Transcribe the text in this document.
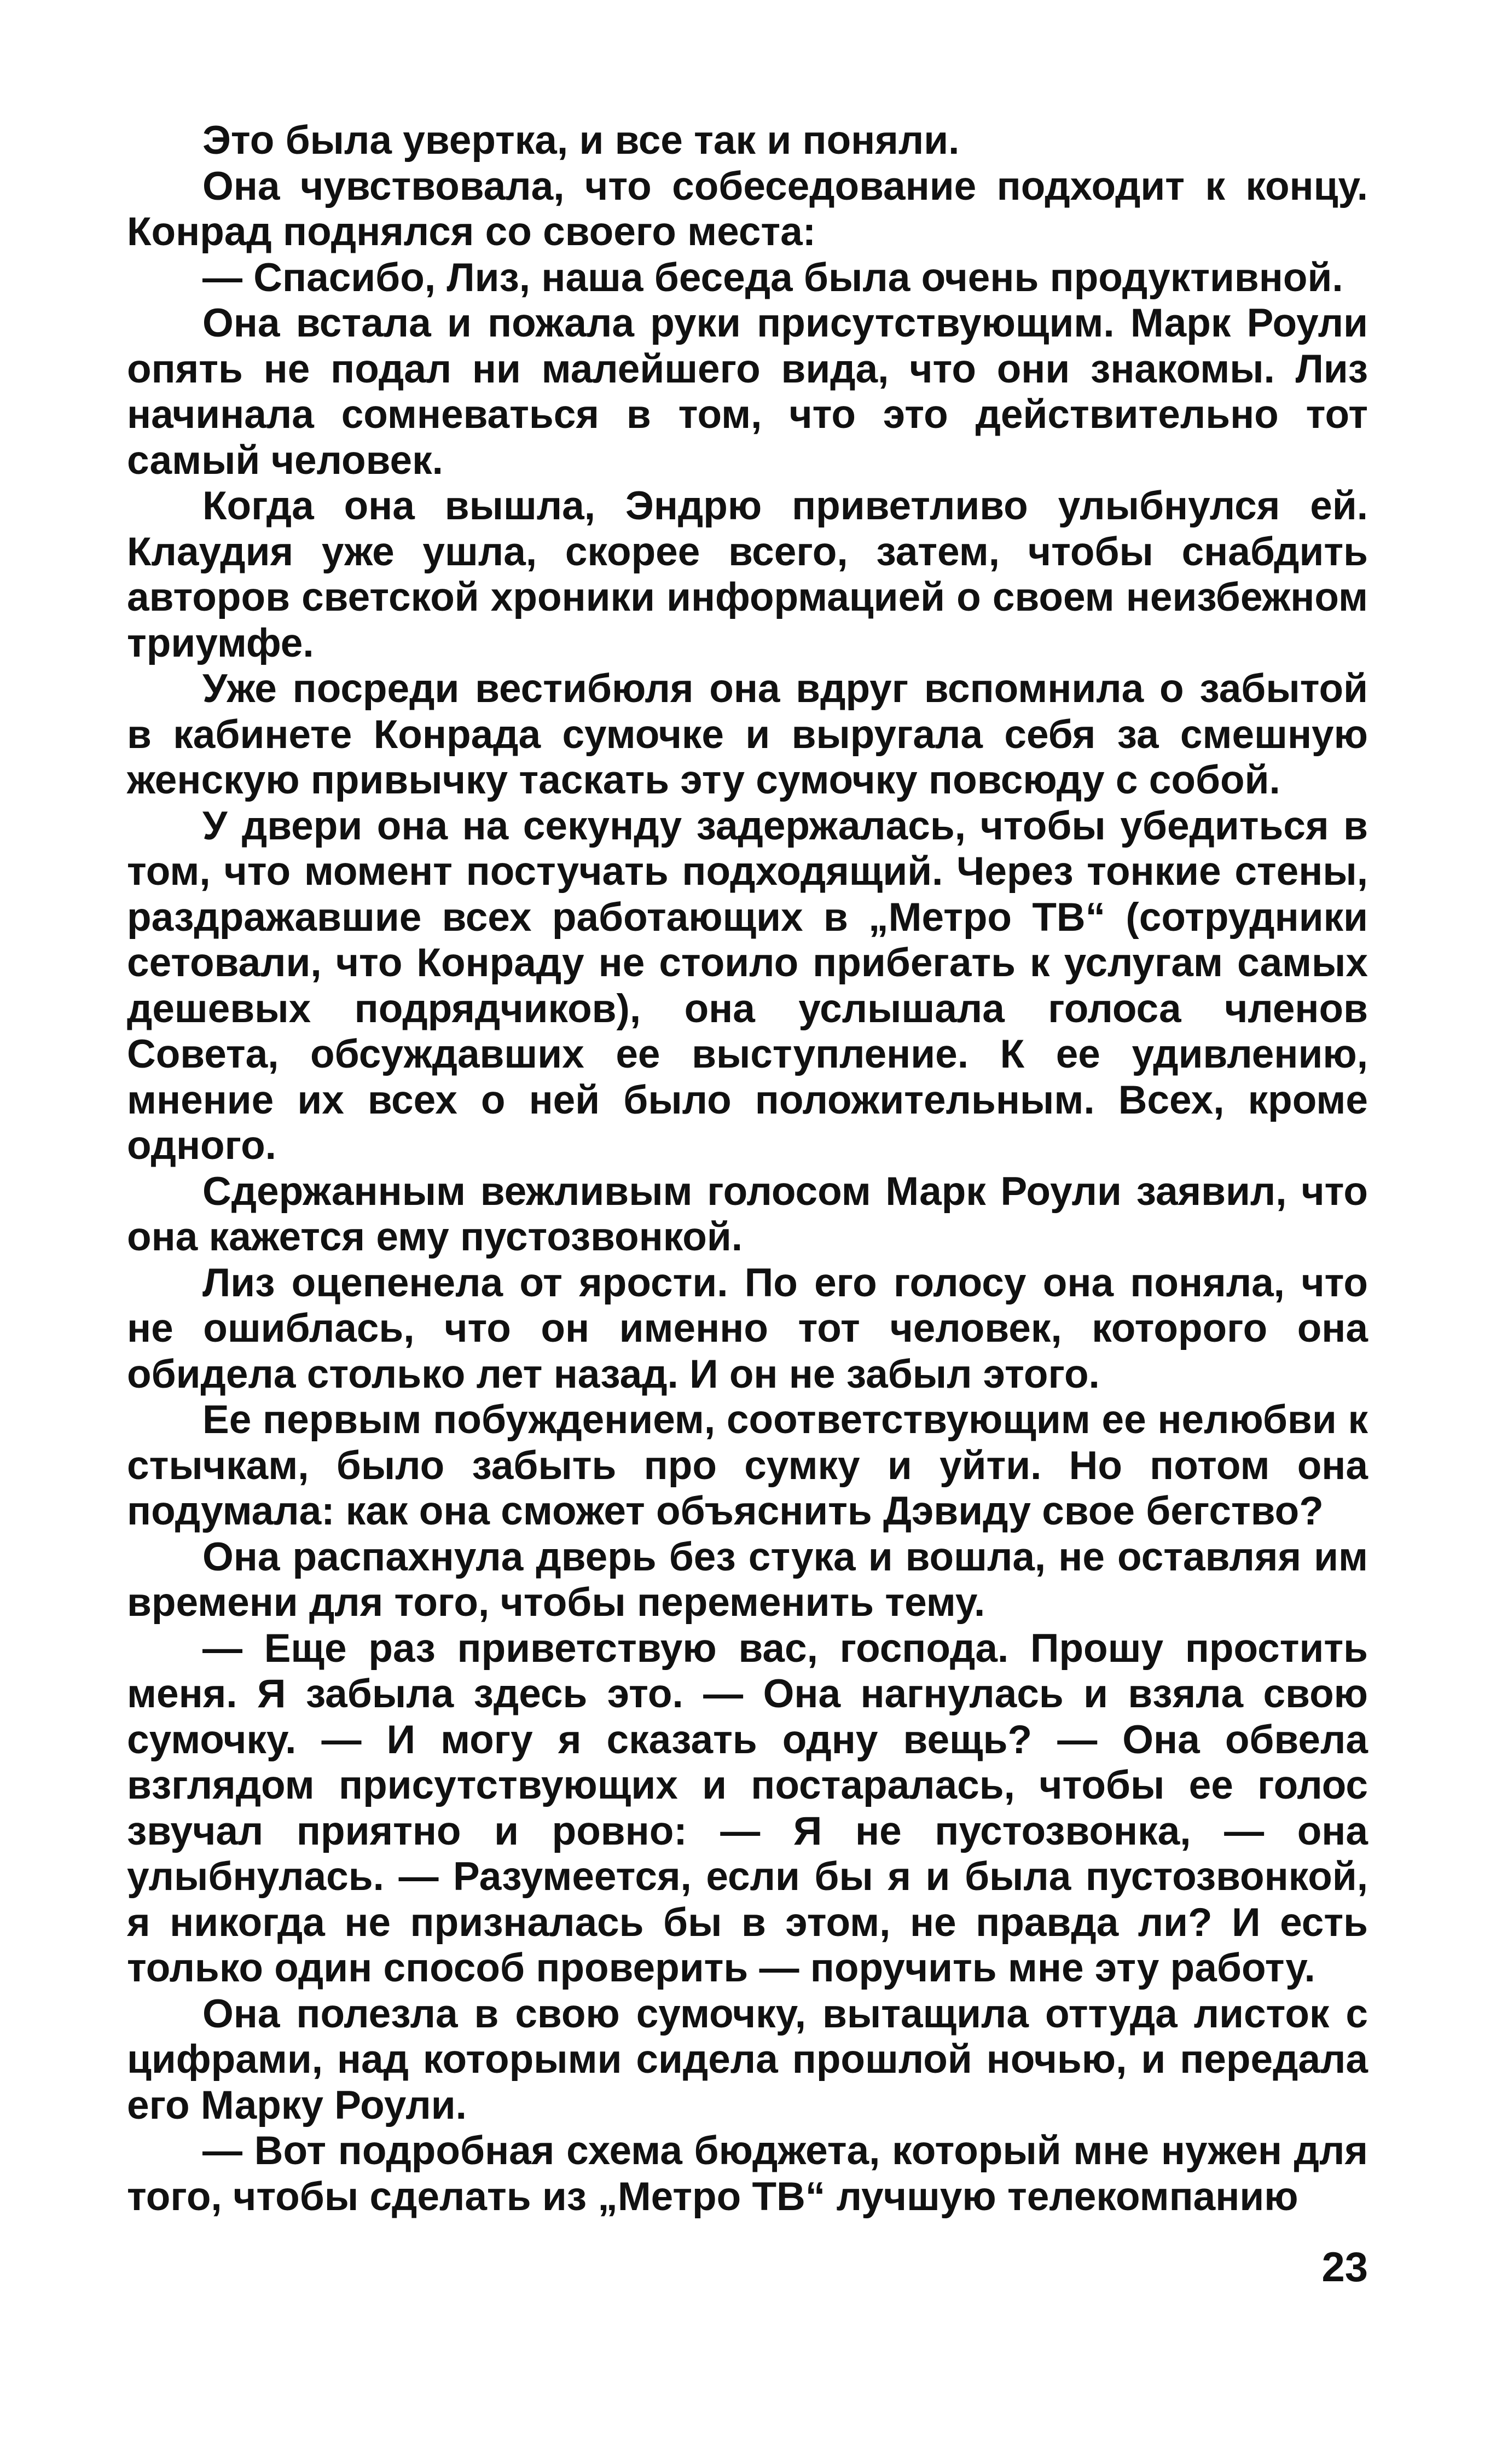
Это была увертка, и все так и поняли.

Она чувствовала, что собеседование подходит к концу. Конрад поднялся со своего места:

— Спасибо, Лиз, наша беседа была очень продуктивной.

Она встала и пожала руки присутствующим. Марк Роули опять не подал ни малейшего вида, что они знакомы. Лиз начинала сомневаться в том, что это действительно тот самый человек.

Когда она вышла, Эндрю приветливо улыбнулся ей. Клаудия уже ушла, скорее всего, затем, чтобы снабдить авторов светской хроники информацией о своем неизбежном триумфе.

Уже посреди вестибюля она вдруг вспомнила о забытой в кабинете Конрада сумочке и выругала себя за смешную женскую привычку таскать эту сумочку повсюду с собой.

У двери она на секунду задержалась, чтобы убедиться в том, что момент постучать подходящий. Через тонкие стены, раздражавшие всех работающих в „Метро ТВ“ (сотрудники сетовали, что Конраду не стоило прибегать к услугам самых дешевых подрядчиков), она услышала голоса членов Совета, обсуждавших ее выступление. К ее удивлению, мнение их всех о ней было положительным. Всех, кроме одного.

Сдержанным вежливым голосом Марк Роули заявил, что она кажется ему пустозвонкой.

Лиз оцепенела от ярости. По его голосу она поняла, что не ошиблась, что он именно тот человек, которого она обидела столько лет назад. И он не забыл этого.

Ее первым побуждением, соответствующим ее нелюбви к стычкам, было забыть про сумку и уйти. Но потом она подумала: как она сможет объяснить Дэвиду свое бегство?

Она распахнула дверь без стука и вошла, не оставляя им времени для того, чтобы переменить тему.

— Еще раз приветствую вас, господа. Прошу простить меня. Я забыла здесь это. — Она нагнулась и взяла свою сумочку. — И могу я сказать одну вещь? — Она обвела взглядом присутствующих и постаралась, чтобы ее голос звучал приятно и ровно: — Я не пустозвонка, — она улыбнулась. — Разумеется, если бы я и была пустозвонкой, я никогда не призналась бы в этом, не правда ли? И есть только один способ проверить — поручить мне эту работу.

Она полезла в свою сумочку, вытащила оттуда листок с цифрами, над которыми сидела прошлой ночью, и передала его Марку Роули.

— Вот подробная схема бюджета, который мне нужен для того, чтобы сделать из „Метро ТВ“ лучшую телекомпанию

23
